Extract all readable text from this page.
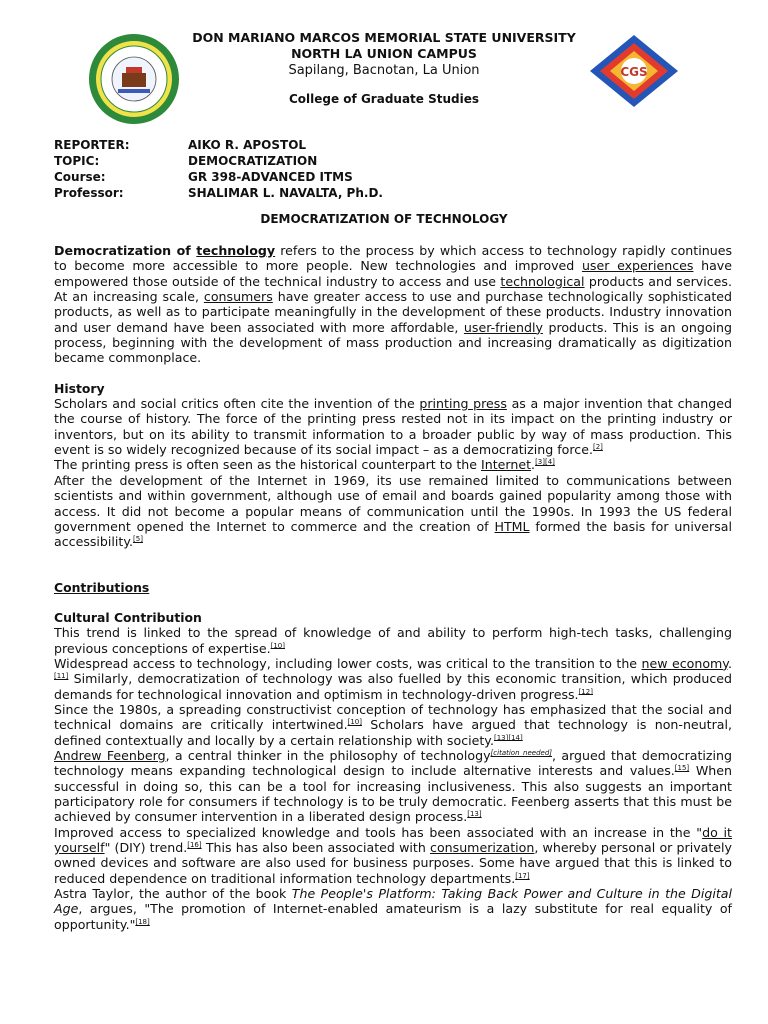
CGS
DON MARIANO MARCOS MEMORIAL STATE UNIVERSITY
NORTH LA UNION CAMPUS
Sapilang, Bacnotan, La Union
College of Graduate Studies
REPORTER:	AIKO R. APOSTOL
TOPIC:	DEMOCRATIZATION
Course:	GR 398-ADVANCED ITMS
Professor:	SHALIMAR L. NAVALTA, Ph.D.
DEMOCRATIZATION OF TECHNOLOGY

Democratization of technology refers to the process by which access to technology rapidly continues to become more accessible to more people. New technologies and improved user experiences have empowered those outside of the technical industry to access and use technological products and services. At an increasing scale, consumers have greater access to use and purchase technologically sophisticated products, as well as to participate meaningfully in the development of these products. Industry innovation and user demand have been associated with more affordable, user-friendly products. This is an ongoing process, beginning with the development of mass production and increasing dramatically as digitization became commonplace.

History

Scholars and social critics often cite the invention of the printing press as a major invention that changed the course of history. The force of the printing press rested not in its impact on the printing industry or inventors, but on its ability to transmit information to a broader public by way of mass production. This event is so widely recognized because of its social impact – as a democratizing force.[2]

The printing press is often seen as the historical counterpart to the Internet.[3][4]

After the development of the Internet in 1969, its use remained limited to communications between scientists and within government, although use of email and boards gained popularity among those with access. It did not become a popular means of communication until the 1990s. In 1993 the US federal government opened the Internet to commerce and the creation of HTML formed the basis for universal accessibility.[5]

Contributions
Cultural Contribution

This trend is linked to the spread of knowledge of and ability to perform high-tech tasks, challenging previous conceptions of expertise.[10]

Widespread access to technology, including lower costs, was critical to the transition to the new economy.[11] Similarly, democratization of technology was also fuelled by this economic transition, which produced demands for technological innovation and optimism in technology-driven progress.[12]

Since the 1980s, a spreading constructivist conception of technology has emphasized that the social and technical domains are critically intertwined.[10] Scholars have argued that technology is non-neutral, defined contextually and locally by a certain relationship with society.[13][14]

Andrew Feenberg, a central thinker in the philosophy of technology[citation needed], argued that democratizing technology means expanding technological design to include alternative interests and values.[15] When successful in doing so, this can be a tool for increasing inclusiveness. This also suggests an important participatory role for consumers if technology is to be truly democratic. Feenberg asserts that this must be achieved by consumer intervention in a liberated design process.[13]

Improved access to specialized knowledge and tools has been associated with an increase in the "do it yourself" (DIY) trend.[16] This has also been associated with consumerization, whereby personal or privately owned devices and software are also used for business purposes. Some have argued that this is linked to reduced dependence on traditional information technology departments.[17]

Astra Taylor, the author of the book The People's Platform: Taking Back Power and Culture in the Digital Age, argues, "The promotion of Internet-enabled amateurism is a lazy substitute for real equality of opportunity."[18]
